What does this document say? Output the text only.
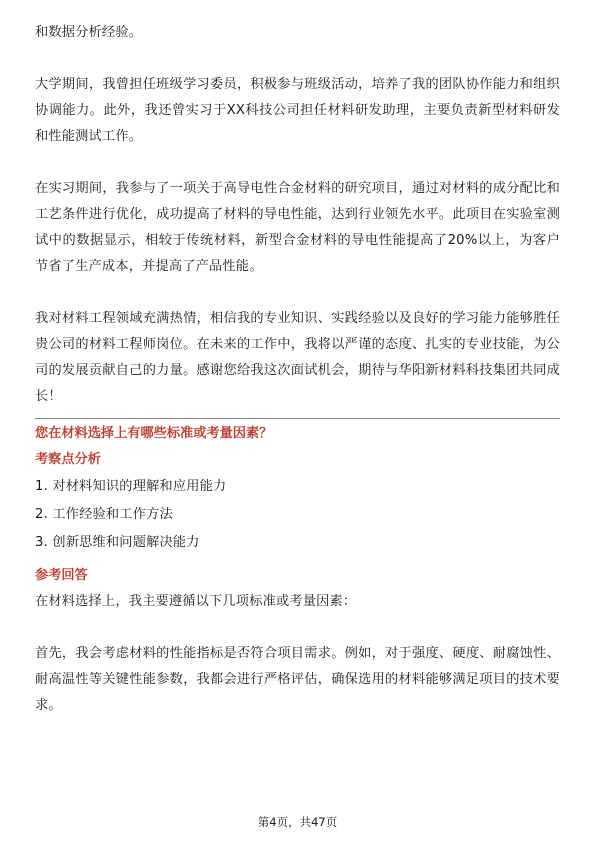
和数据分析经验。

大学期间，我曾担任班级学习委员，积极参与班级活动，培养了我的团队协作能力和组织协调能力。此外，我还曾实习于XX科技公司担任材料研发助理，主要负责新型材料研发和性能测试工作。

在实习期间，我参与了一项关于高导电性合金材料的研究项目，通过对材料的成分配比和工艺条件进行优化，成功提高了材料的导电性能，达到行业领先水平。此项目在实验室测试中的数据显示，相较于传统材料，新型合金材料的导电性能提高了20%以上，为客户节省了生产成本，并提高了产品性能。

我对材料工程领域充满热情，相信我的专业知识、实践经验以及良好的学习能力能够胜任贵公司的材料工程师岗位。在未来的工作中，我将以严谨的态度、扎实的专业技能，为公司的发展贡献自己的力量。感谢您给我这次面试机会，期待与华阳新材料科技集团共同成长！

您在材料选择上有哪些标准或考量因素？

考察点分析

1. 对材料知识的理解和应用能力
2. 工作经验和工作方法
3. 创新思维和问题解决能力

参考回答

在材料选择上，我主要遵循以下几项标准或考量因素：

首先，我会考虑材料的性能指标是否符合项目需求。例如，对于强度、硬度、耐腐蚀性、耐高温性等关键性能参数，我都会进行严格评估，确保选用的材料能够满足项目的技术要求。

第4页，共47页
